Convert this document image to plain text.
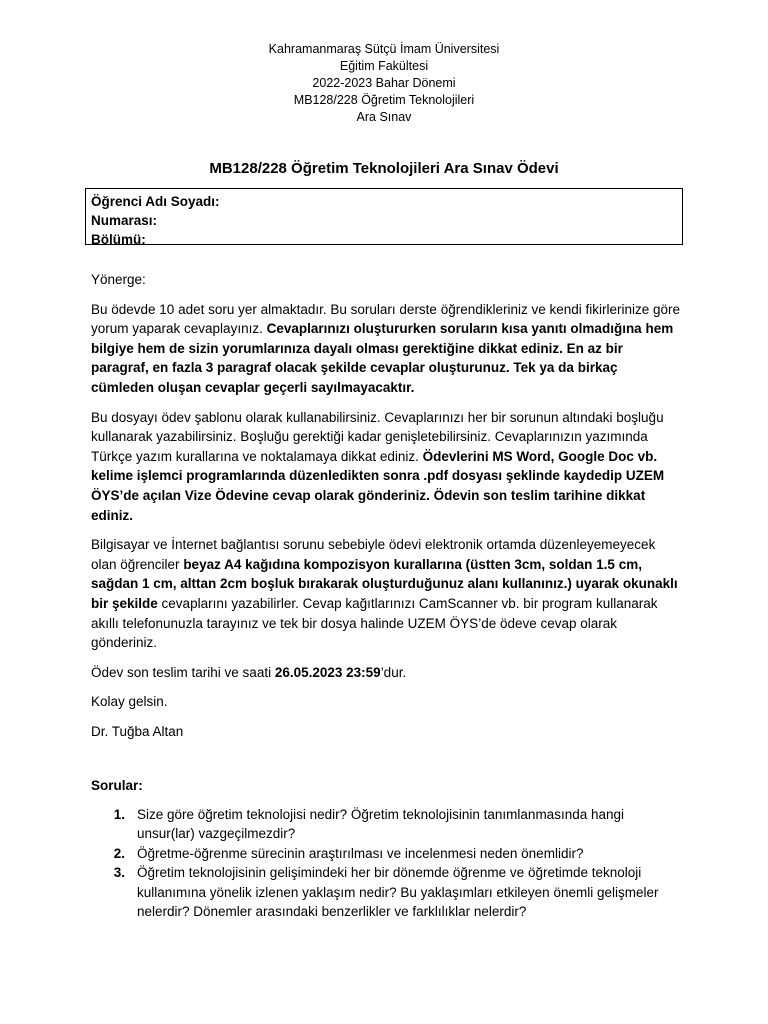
Kahramanmaraş Sütçü İmam Üniversitesi
Eğitim Fakültesi
2022-2023 Bahar Dönemi
MB128/228 Öğretim Teknolojileri
Ara Sınav
MB128/228 Öğretim Teknolojileri Ara Sınav Ödevi
Öğrenci Adı Soyadı:
Numarası:
Bölümü:

Yönerge:

Bu ödevde 10 adet soru yer almaktadır. Bu soruları derste öğrendikleriniz ve kendi fikirlerinize göre yorum yaparak cevaplayınız. Cevaplarınızı oluştururken soruların kısa yanıtı olmadığına hem bilgiye hem de sizin yorumlarınıza dayalı olması gerektiğine dikkat ediniz. En az bir paragraf, en fazla 3 paragraf olacak şekilde cevaplar oluşturunuz. Tek ya da birkaç cümleden oluşan cevaplar geçerli sayılmayacaktır.

Bu dosyayı ödev şablonu olarak kullanabilirsiniz. Cevaplarınızı her bir sorunun altındaki boşluğu kullanarak yazabilirsiniz. Boşluğu gerektiği kadar genişletebilirsiniz. Cevaplarınızın yazımında Türkçe yazım kurallarına ve noktalamaya dikkat ediniz. Ödevlerini MS Word, Google Doc vb. kelime işlemci programlarında düzenledikten sonra .pdf dosyası şeklinde kaydedip UZEM ÖYS’de açılan Vize Ödevine cevap olarak gönderiniz. Ödevin son teslim tarihine dikkat ediniz.

Bilgisayar ve İnternet bağlantısı sorunu sebebiyle ödevi elektronik ortamda düzenleyemeyecek olan öğrenciler beyaz A4 kağıdına kompozisyon kurallarına (üstten 3cm, soldan 1.5 cm, sağdan 1 cm, alttan 2cm boşluk bırakarak oluşturduğunuz alanı kullanınız.) uyarak okunaklı bir şekilde cevaplarını yazabilirler. Cevap kağıtlarınızı CamScanner vb. bir program kullanarak akıllı telefonunuzla tarayınız ve tek bir dosya halinde UZEM ÖYS’de ödeve cevap olarak gönderiniz.

Ödev son teslim tarihi ve saati 26.05.2023 23:59’dur.

Kolay gelsin.

Dr. Tuğba Altan

Sorular:
1. Size göre öğretim teknolojisi nedir? Öğretim teknolojisinin tanımlanmasında hangi unsur(lar) vazgeçilmezdir?
2. Öğretme-öğrenme sürecinin araştırılması ve incelenmesi neden önemlidir?
3. Öğretim teknolojisinin gelişimindeki her bir dönemde öğrenme ve öğretimde teknoloji kullanımına yönelik izlenen yaklaşım nedir? Bu yaklaşımları etkileyen önemli gelişmeler nelerdir? Dönemler arasındaki benzerlikler ve farklılıklar nelerdir?
